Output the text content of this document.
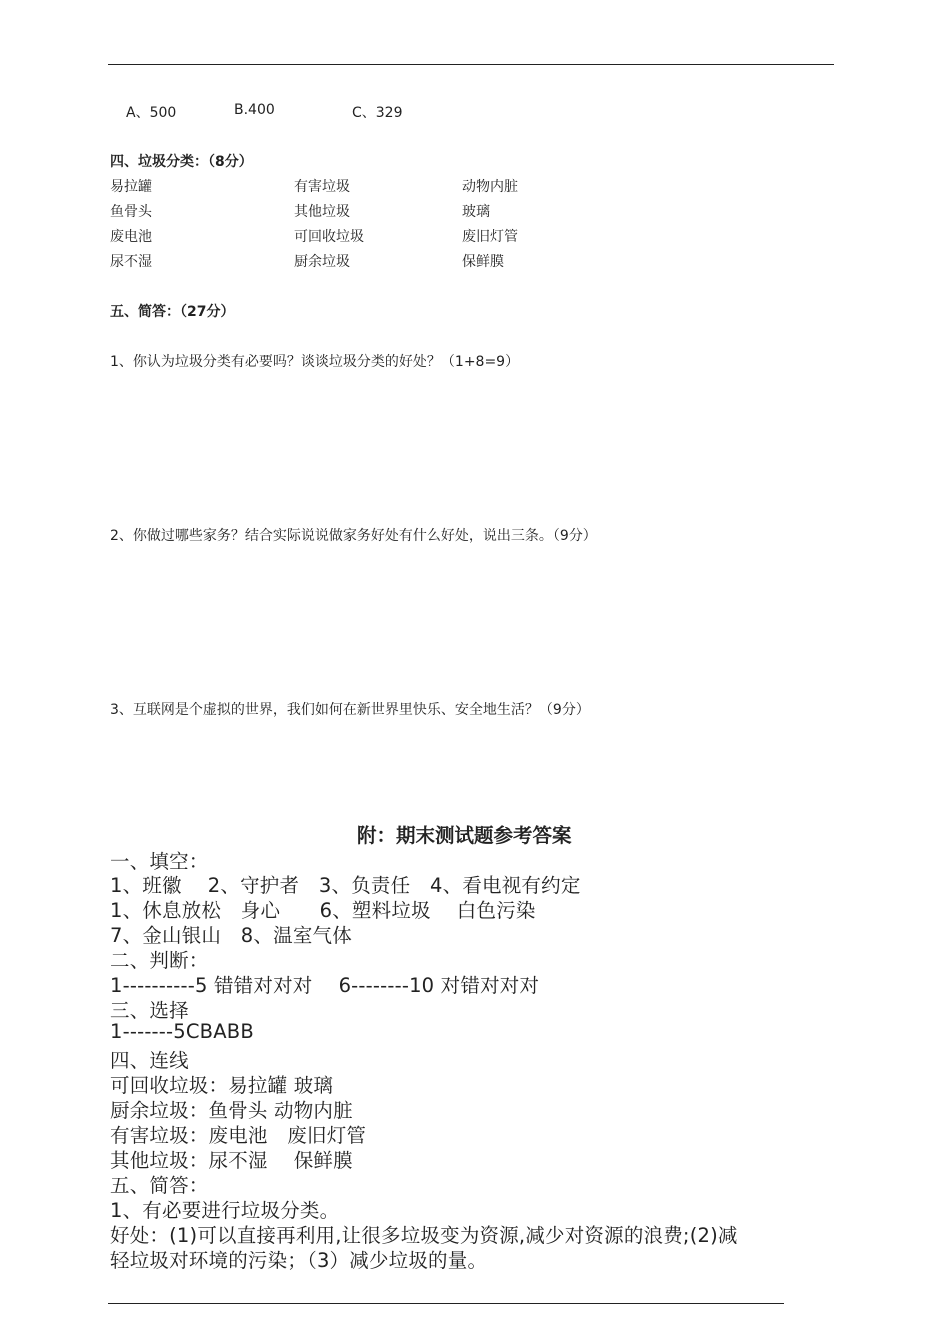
A、500	B.400	C、329
四、垃圾分类：（8分）
易拉罐	有害垃圾	动物内脏
鱼骨头	其他垃圾	玻璃
废电池	可回收垃圾	废旧灯管
尿不湿	厨余垃圾	保鲜膜
五、简答：（27分）
1、你认为垃圾分类有必要吗？谈谈垃圾分类的好处？（1+8=9）
2、你做过哪些家务？结合实际说说做家务好处有什么好处，说出三条。（9分）
3、互联网是个虚拟的世界，我们如何在新世界里快乐、安全地生活？（9分）
附：期末测试题参考答案
一、填空：
1、班徽　 2、守护者　3、负责任　4、看电视有约定
1、休息放松　身心　　6、塑料垃圾　 白色污染
7、金山银山　8、温室气体
二、判断：
1----------5 错错对对对　 6--------10 对错对对对
三、选择
1-------5CBABB
四、连线
可回收垃圾：易拉罐 玻璃
厨余垃圾：鱼骨头 动物内脏
有害垃圾：废电池　废旧灯管
其他垃圾：尿不湿　 保鲜膜
五、简答：
1、有必要进行垃圾分类。
好处：(1)可以直接再利用,让很多垃圾变为资源,减少对资源的浪费;(2)减
轻垃圾对环境的污染；（3）减少垃圾的量。
